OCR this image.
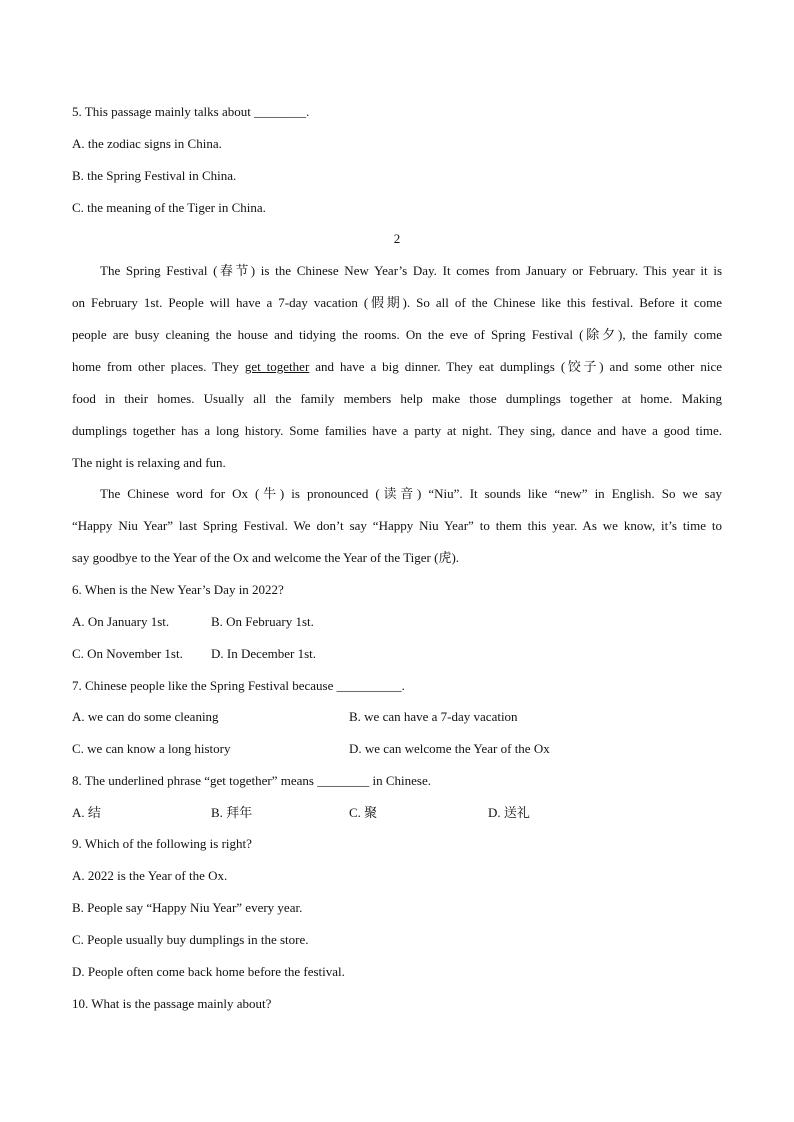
5. This passage mainly talks about ________.
A. the zodiac signs in China.
B. the Spring Festival in China.
C. the meaning of the Tiger in China.
2
The Spring Festival (春节) is the Chinese New Year’s Day. It comes from January or February. This year it is
on February 1st. People will have a 7-day vacation (假期). So all of the Chinese like this festival. Before it come
people are busy cleaning the house and tidying the rooms. On the eve of Spring Festival (除夕), the family come
home from other places. They get together and have a big dinner. They eat dumplings (饺子) and some other nice
food in their homes. Usually all the family members help make those dumplings together at home. Making
dumplings together has a long history. Some families have a party at night. They sing, dance and have a good time.
The night is relaxing and fun.
The Chinese word for Ox (牛) is pronounced (读音) “Niu”. It sounds like “new” in English. So we say
“Happy Niu Year” last Spring Festival. We don’t say “Happy Niu Year” to them this year. As we know, it’s time to
say goodbye to the Year of the Ox and welcome the Year of the Tiger (虎).
6. When is the New Year’s Day in 2022?
A. On January 1st.	B. On February 1st.
C. On November 1st. D. In December 1st.
7. Chinese people like the Spring Festival because __________.
A. we can do some cleaning	B. we can have a 7-day vacation
C. we can know a long history	D. we can welcome the Year of the Ox
8. The underlined phrase “get together” means ________ in Chinese.
A. 结	B. 拜年	C. 聚	D. 送礼
9. Which of the following is right?
A. 2022 is the Year of the Ox.
B. People say “Happy Niu Year” every year.
C. People usually buy dumplings in the store.
D. People often come back home before the festival.
10. What is the passage mainly about?
